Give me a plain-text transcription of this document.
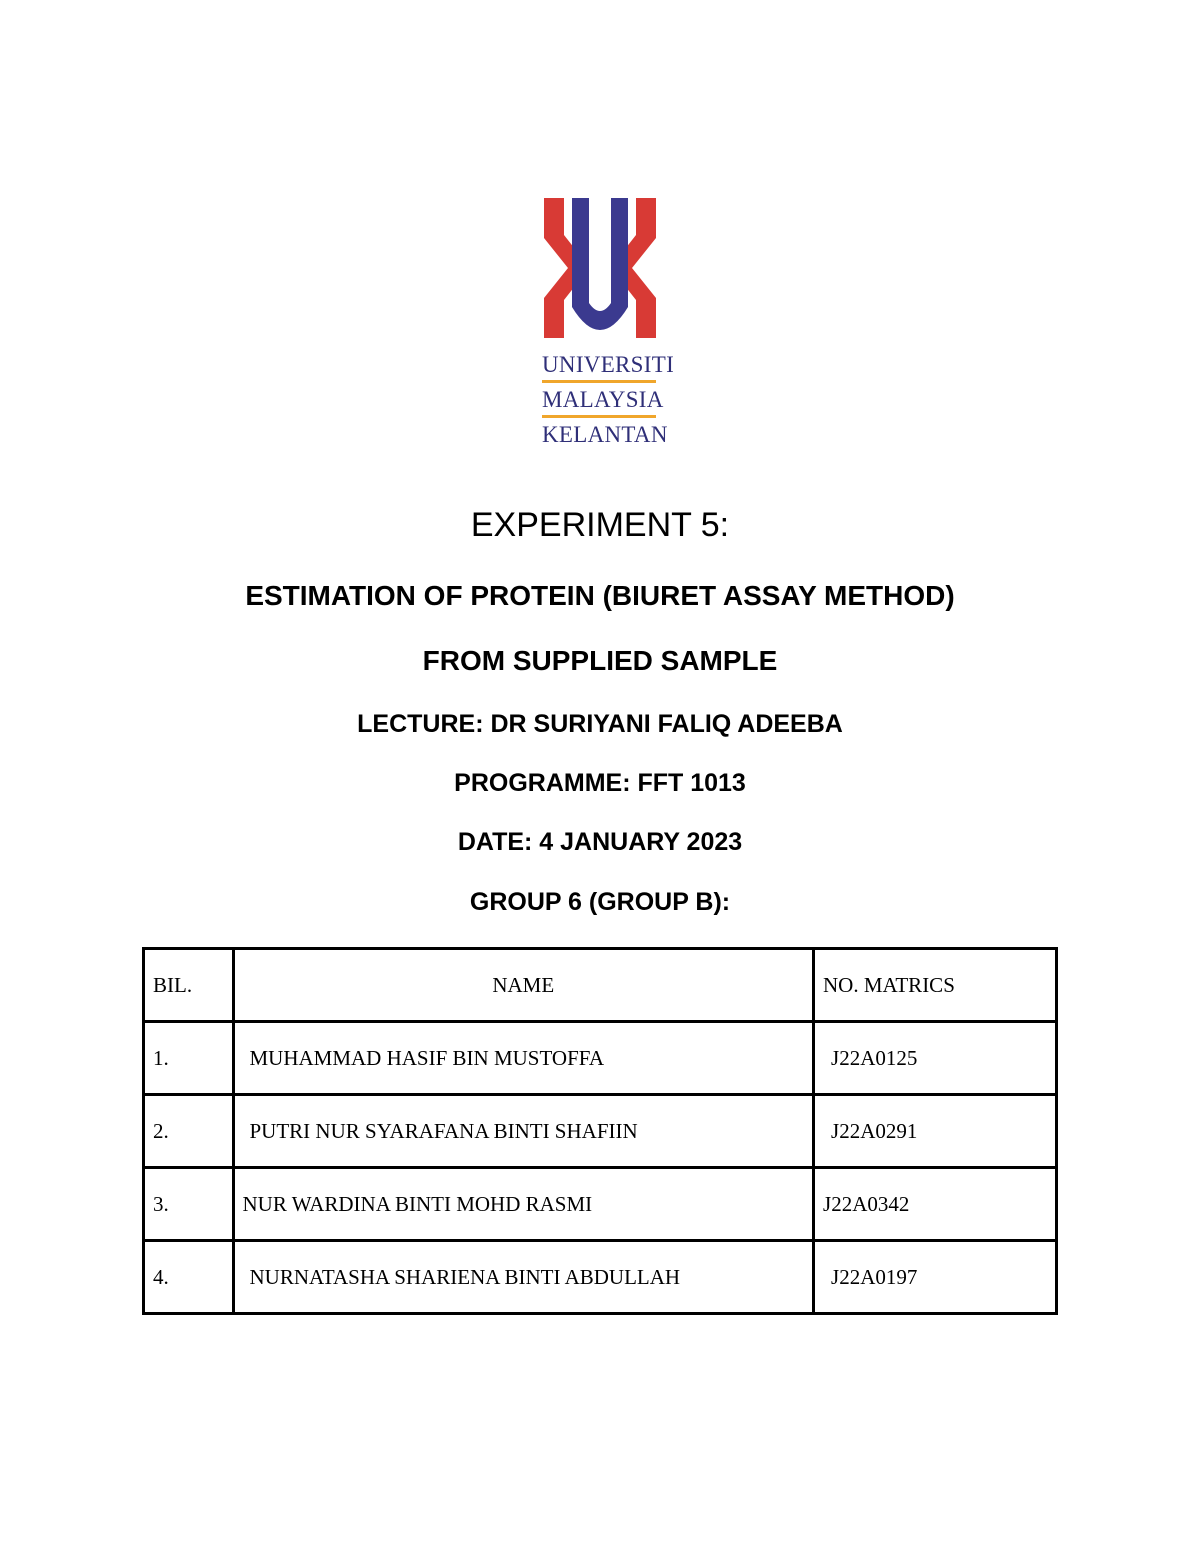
UNIVERSITI
MALAYSIA
KELANTAN
EXPERIMENT 5:
ESTIMATION OF PROTEIN (BIURET ASSAY METHOD)
FROM SUPPLIED SAMPLE
LECTURE: DR SURIYANI FALIQ ADEEBA
PROGRAMME: FFT 1013
DATE: 4 JANUARY 2023
GROUP 6 (GROUP B):
BIL.	NAME	NO. MATRICS
1.	MUHAMMAD HASIF BIN MUSTOFFA	J22A0125
2.	PUTRI NUR SYARAFANA BINTI SHAFIIN	J22A0291
3.	NUR WARDINA BINTI MOHD RASMI	J22A0342
4.	NURNATASHA SHARIENA BINTI ABDULLAH	J22A0197
